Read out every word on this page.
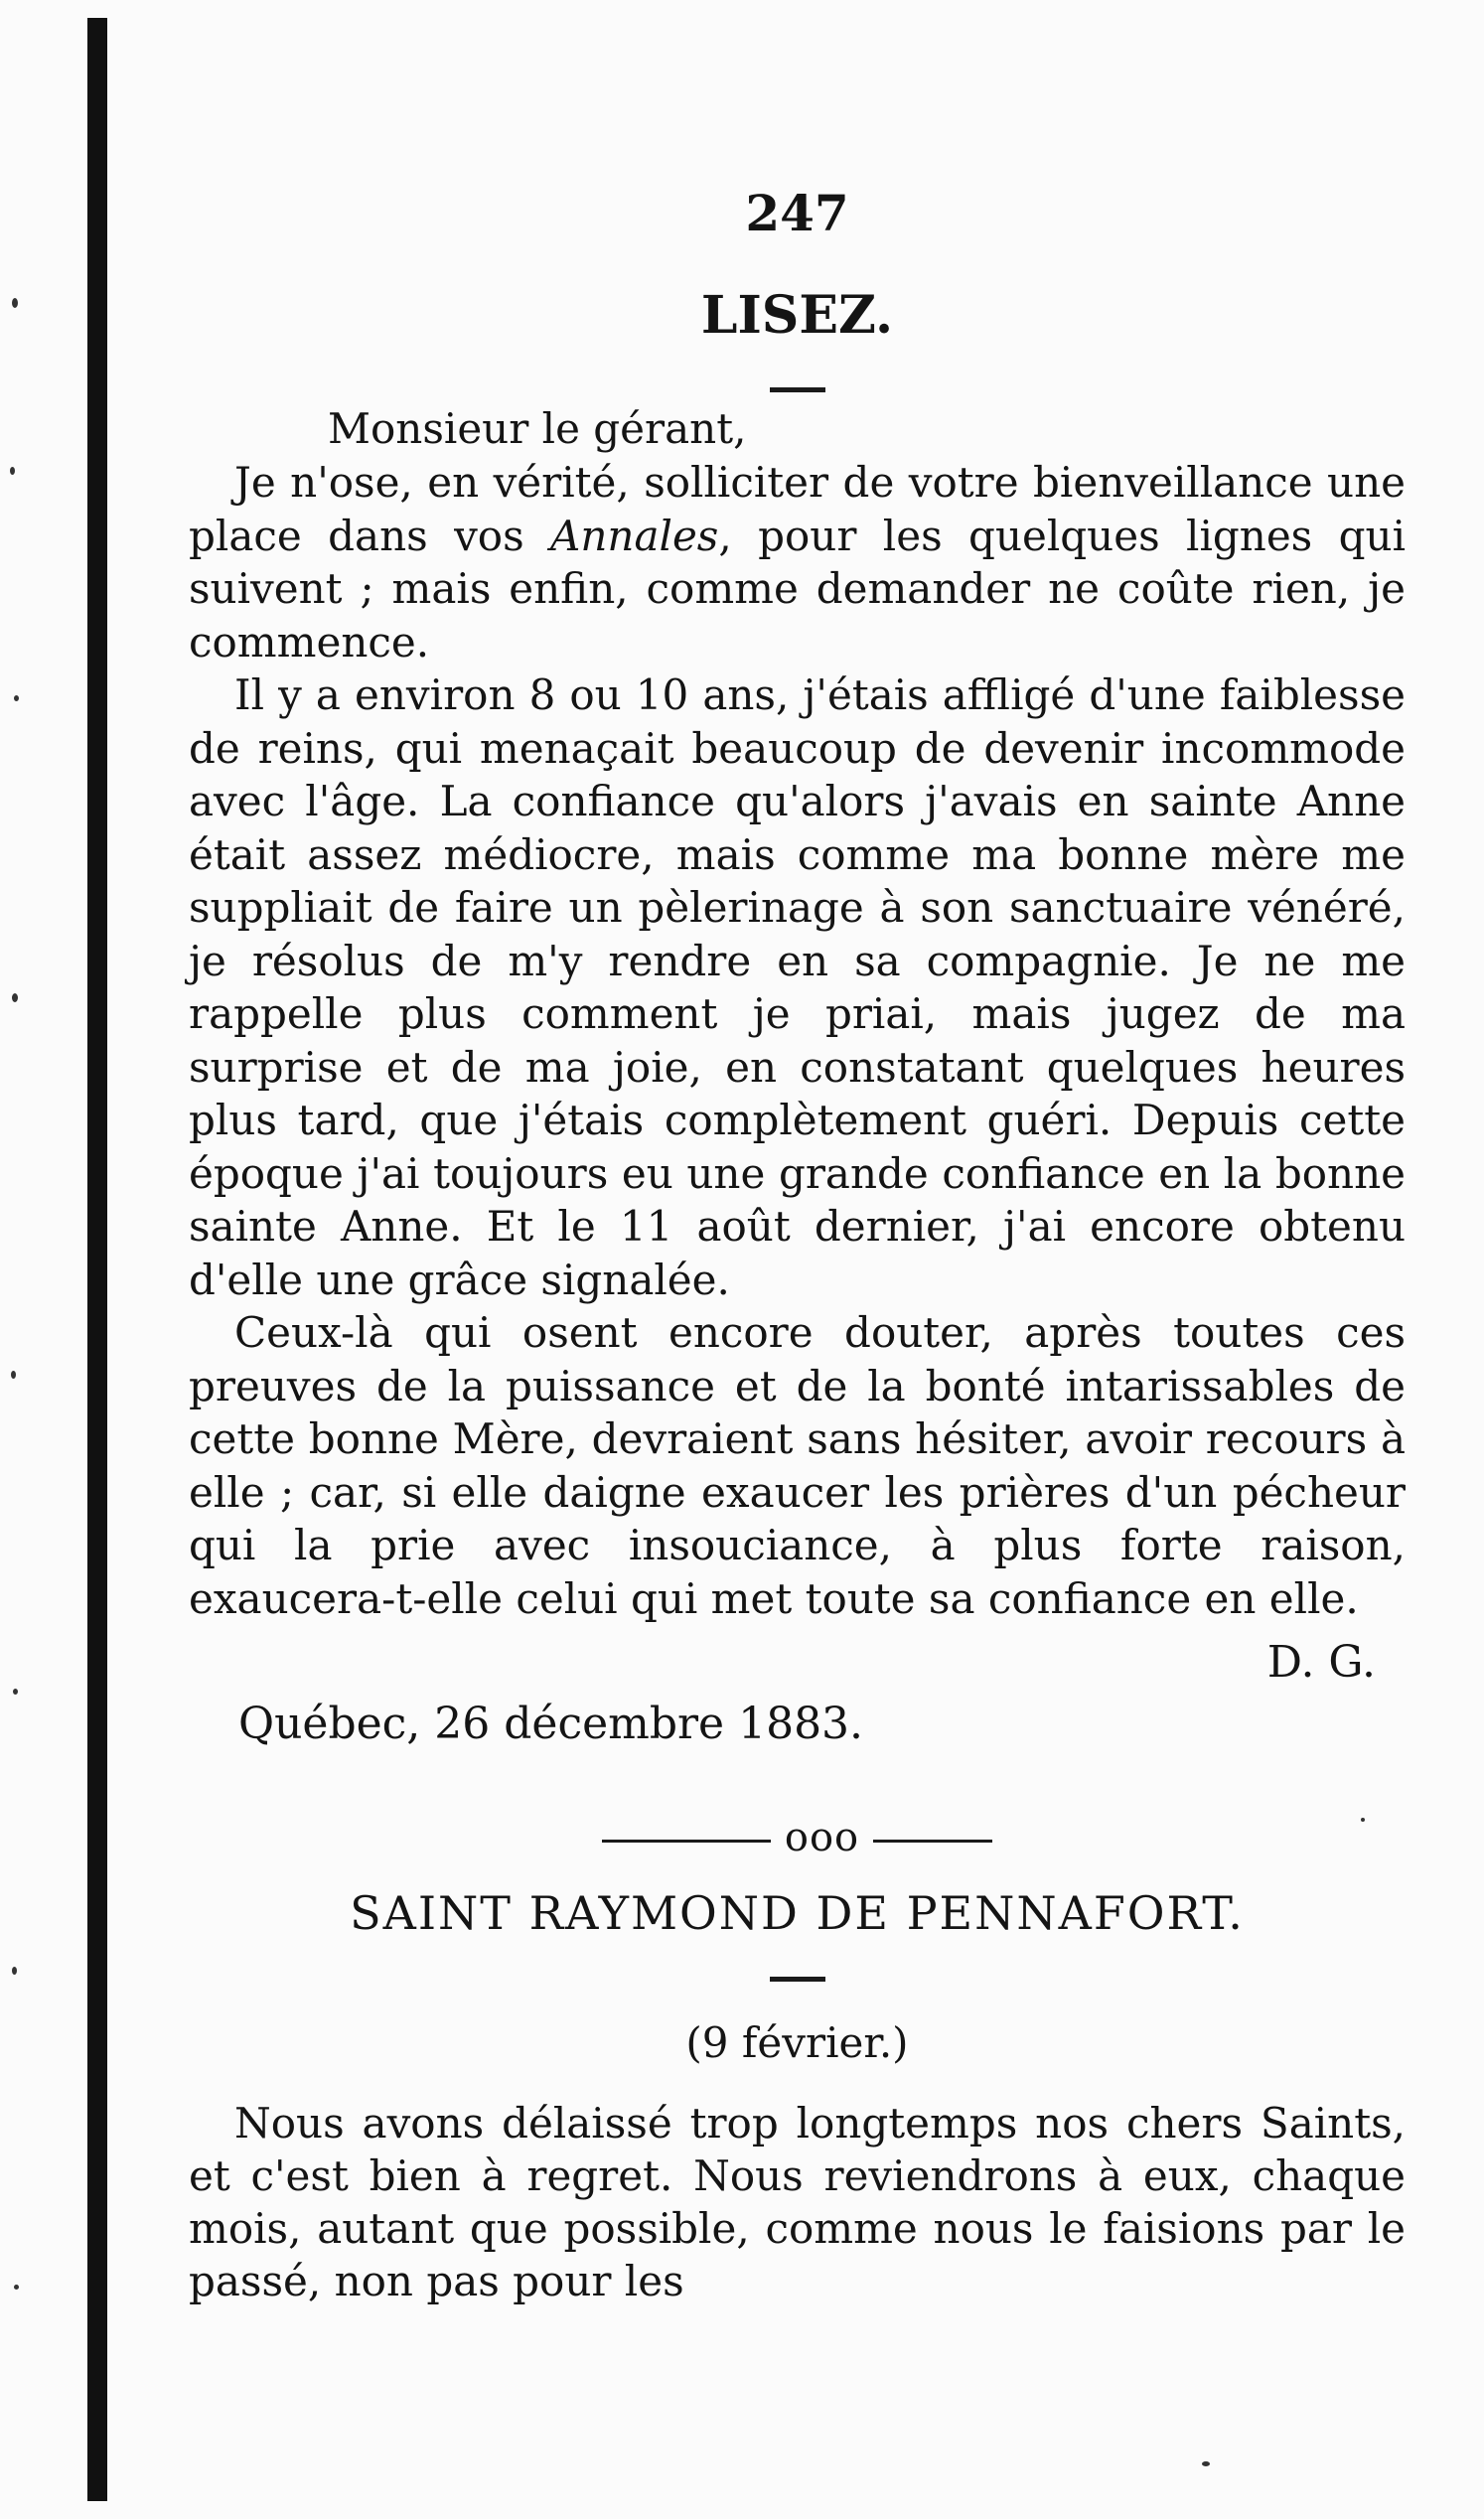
247
LISEZ.
Monsieur le gérant,

Je n'ose, en vérité, solliciter de votre bienveillance une place dans vos Annales, pour les quelques lignes qui suivent ; mais enfin, comme demander ne coûte rien, je commence.

Il y a environ 8 ou 10 ans, j'étais affligé d'une faiblesse de reins, qui menaçait beaucoup de devenir incommode avec l'âge. La confiance qu'alors j'avais en sainte Anne était assez médiocre, mais comme ma bonne mère me suppliait de faire un pèlerinage à son sanctuaire vénéré, je résolus de m'y rendre en sa compagnie. Je ne me rappelle plus comment je priai, mais jugez de ma surprise et de ma joie, en constatant quelques heures plus tard, que j'étais complètement guéri. Depuis cette époque j'ai toujours eu une grande confiance en la bonne sainte Anne. Et le 11 août dernier, j'ai encore obtenu d'elle une grâce signalée.

Ceux-là qui osent encore douter, après toutes ces preuves de la puissance et de la bonté intarissables de cette bonne Mère, devraient sans hésiter, avoir recours à elle ; car, si elle daigne exaucer les prières d'un pécheur qui la prie avec insouciance, à plus forte raison, exaucera-t-elle celui qui met toute sa confiance en elle.

D. G.
Québec, 26 décembre 1883.
ooo
SAINT RAYMOND DE PENNAFORT.
(9 février.)

Nous avons délaissé trop longtemps nos chers Saints, et c'est bien à regret. Nous reviendrons à eux, chaque mois, autant que possible, comme nous le faisions par le passé, non pas pour les
